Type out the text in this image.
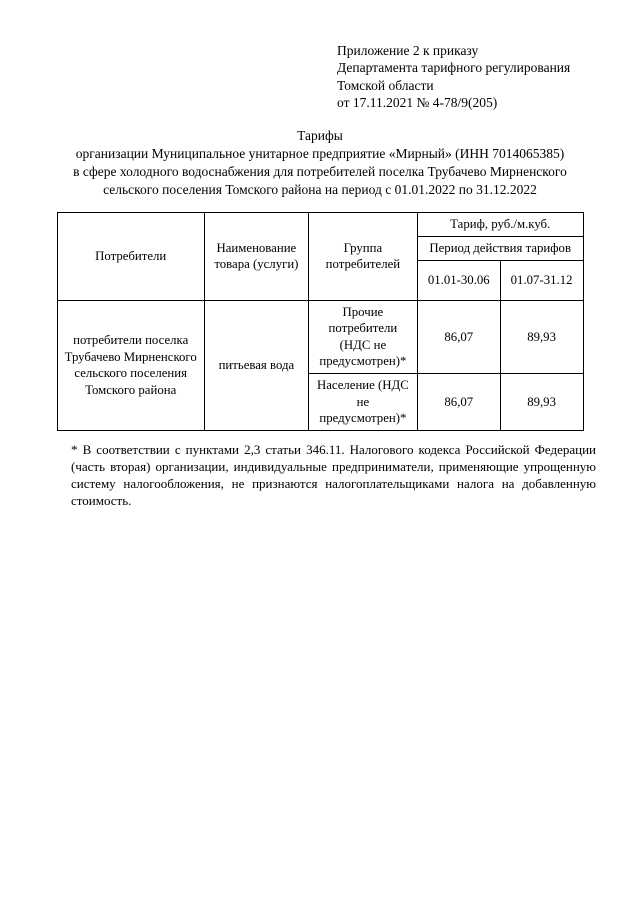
Приложение 2 к приказу
Департамента тарифного регулирования
Томской области
от 17.11.2021 № 4-78/9(205)
Тарифы
организации Муниципальное унитарное предприятие «Мирный» (ИНН 7014065385)
в сфере холодного водоснабжения для потребителей поселка Трубачево Мирненского
сельского поселения Томского района на период с 01.01.2022 по 31.12.2022
Потребители	Наименование товара (услуги)	Группа потребителей	Тариф, руб./м.куб.	
			Период действия тарифов	
			01.01-30.06	01.07-31.12
потребители поселка Трубачево Мирненского сельского поселения Томского района	питьевая вода	Прочие потребители (НДС не предусмотрен)*	86,07	89,93
		Население (НДС не предусмотрен)*	86,07	89,93
* В соответствии с пунктами 2,3 статьи 346.11. Налогового кодекса Российской Федерации (часть вторая) организации, индивидуальные предприниматели, применяющие упрощенную систему налогообложения, не признаются налогоплательщиками налога на добавленную стоимость.
